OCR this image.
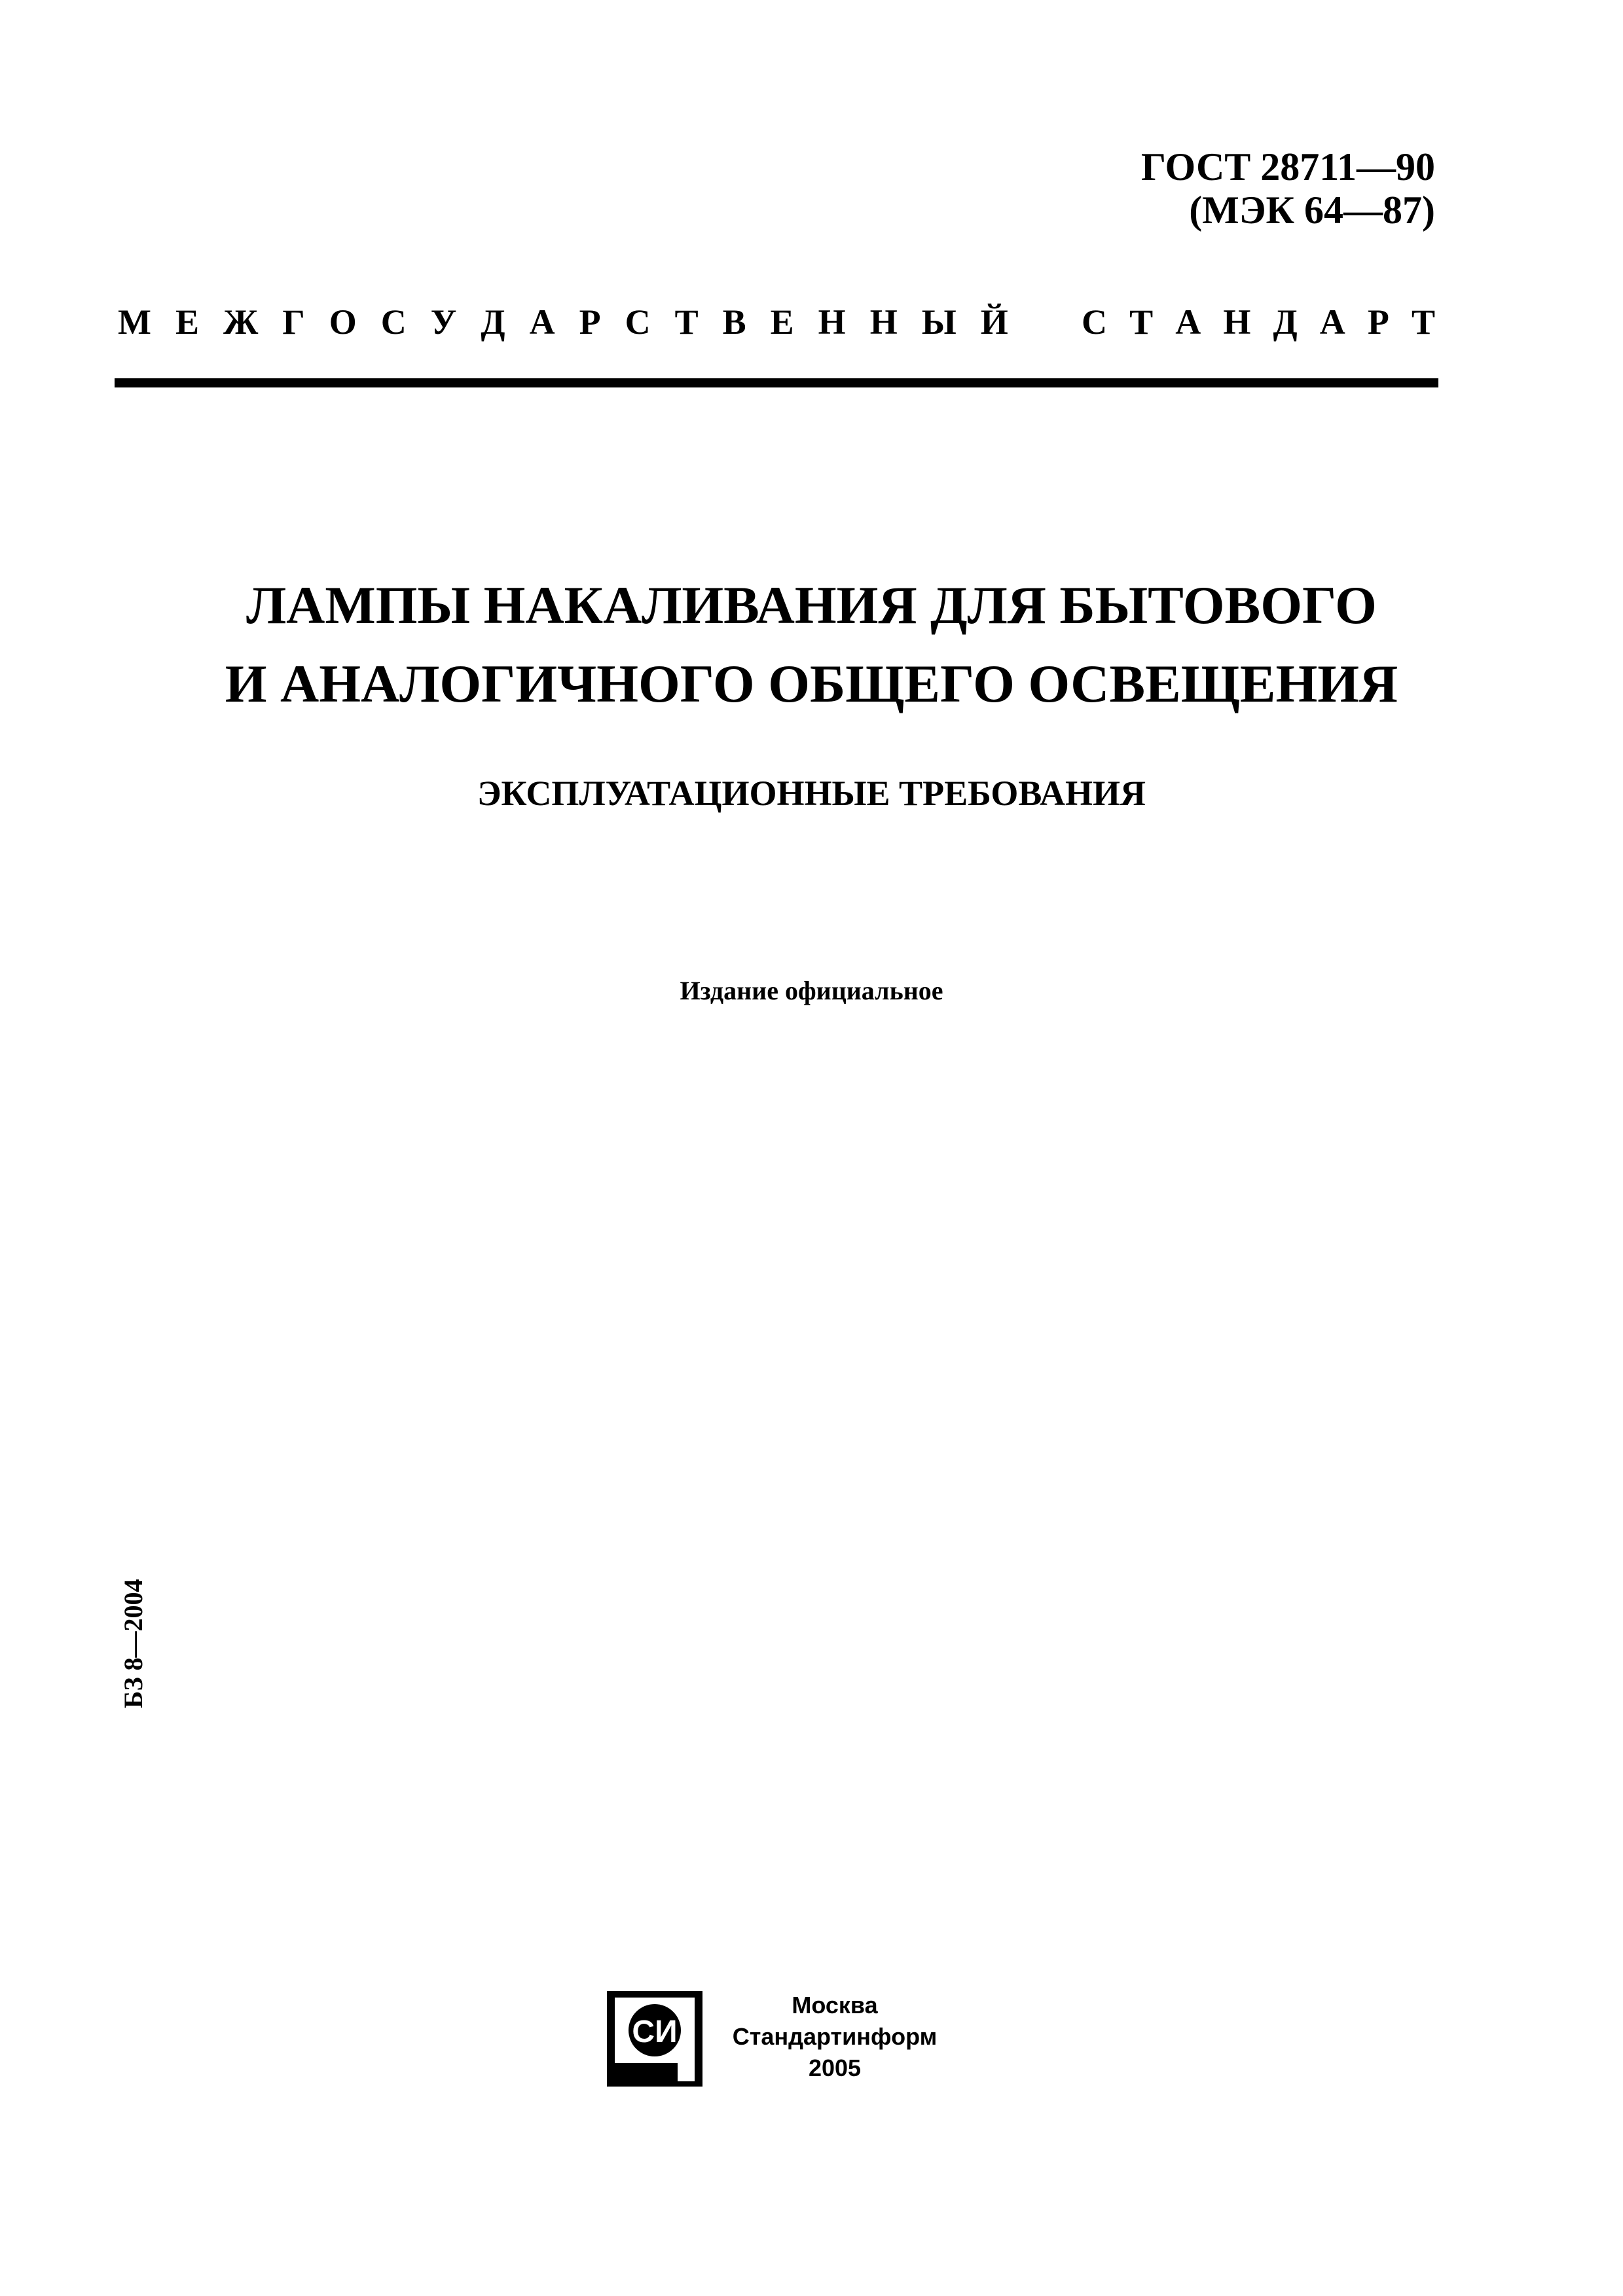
ГОСТ 28711—90
(МЭК 64—87)
М Е Ж Г О С У Д А Р С Т В Е Н Н Ы Й С Т А Н Д А Р Т
ЛАМПЫ НАКАЛИВАНИЯ ДЛЯ БЫТОВОГО
И АНАЛОГИЧНОГО ОБЩЕГО ОСВЕЩЕНИЯ
ЭКСПЛУАТАЦИОННЫЕ ТРЕБОВАНИЯ
Издание официальное
БЗ 8—2004
СИ
Москва
Стандартинформ
2005
